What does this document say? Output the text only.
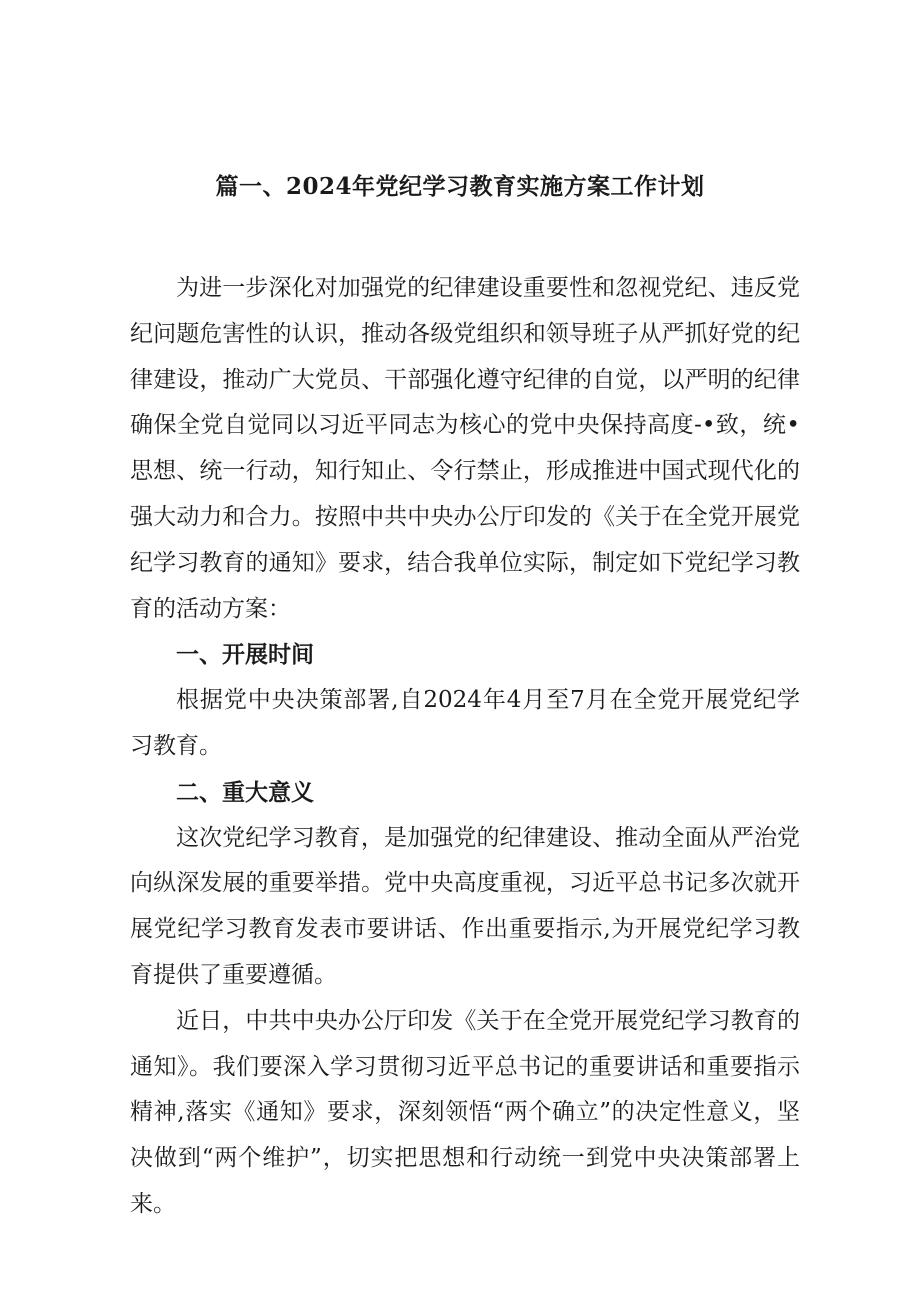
篇一、2024年党纪学习教育实施方案工作计划

为进一步深化对加强党的纪律建设重要性和忽视党纪、违反党纪问题危害性的认识，推动各级党组织和领导班子从严抓好党的纪律建设，推动广大党员、干部强化遵守纪律的自觉，以严明的纪律确保全党自觉同以习近平同志为核心的党中央保持高度-•致，统•思想、统一行动，知行知止、令行禁止，形成推进中国式现代化的强大动力和合力。按照中共中央办公厅印发的《关于在全党开展党纪学习教育的通知》要求，结合我单位实际，制定如下党纪学习教育的活动方案：

一、开展时间

根据党中央决策部署,自2024年4月至7月在全党开展党纪学习教育。

二、重大意义

这次党纪学习教育，是加强党的纪律建设、推动全面从严治党向纵深发展的重要举措。党中央高度重视，习近平总书记多次就开展党纪学习教育发表市要讲话、作出重要指示,为开展党纪学习教育提供了重要遵循。

近日，中共中央办公厅印发《关于在全党开展党纪学习教育的通知》。我们要深入学习贯彻习近平总书记的重要讲话和重要指示精神,落实《通知》要求，深刻领悟“两个确立”的决定性意义，坚决做到“两个维护”，切实把思想和行动统一到党中央决策部署上来。
